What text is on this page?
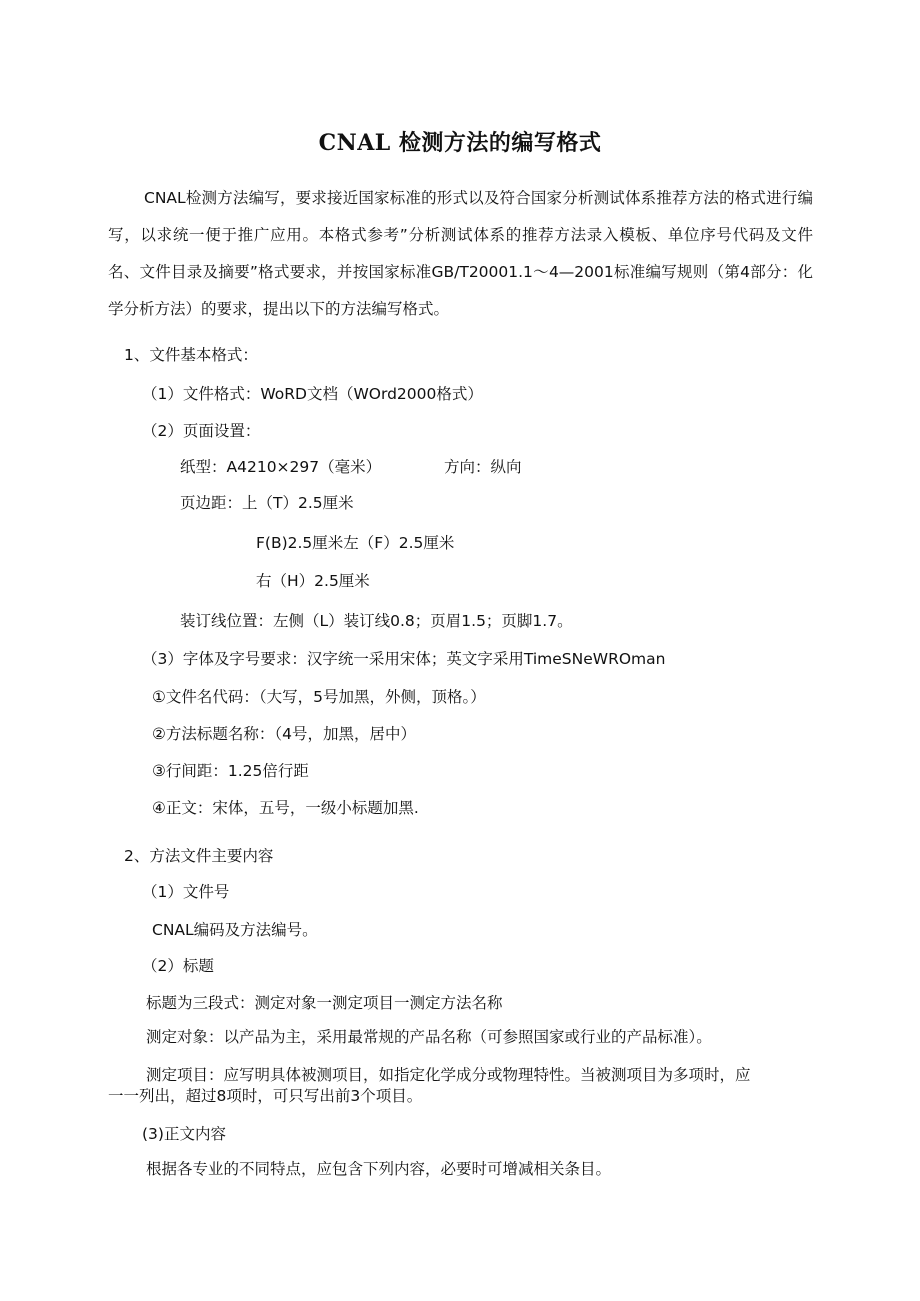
CNAL 检测方法的编写格式
CNAL检测方法编写，要求接近国家标准的形式以及符合国家分析测试体系推荐方法的格式进行编写，以求统一便于推广应用。本格式参考”分析测试体系的推荐方法录入模板、单位序号代码及文件名、文件目录及摘要”格式要求，并按国家标准GB/T20001.1～4—2001标准编写规则（第4部分：化学分析方法）的要求，提出以下的方法编写格式。
1、文件基本格式：
（1）文件格式：WoRD文档（WOrd2000格式）
（2）页面设置：
纸型：A4210×297（毫米）	方向：纵向
页边距：上（T）2.5厘米
F(B)2.5厘米左（F）2.5厘米
右（H）2.5厘米
装订线位置：左侧（L）装订线0.8；页眉1.5；页脚1.7。
（3）字体及字号要求：汉字统一采用宋体；英文字采用TimeSNeWROman
①文件名代码：（大写，5号加黑，外侧，顶格。）
②方法标题名称：（4号，加黑，居中）
③行间距：1.25倍行距
④正文：宋体，五号，一级小标题加黑.
2、方法文件主要内容
（1）文件号
CNAL编码及方法编号。
（2）标题
标题为三段式：测定对象一测定项目一测定方法名称
测定对象：以产品为主，采用最常规的产品名称（可参照国家或行业的产品标准）。
测定项目：应写明具体被测项目，如指定化学成分或物理特性。当被测项目为多项时，应
一一列出，超过8项时，可只写出前3个项目。
(3)正文内容
根据各专业的不同特点，应包含下列内容，必要时可增减相关条目。
